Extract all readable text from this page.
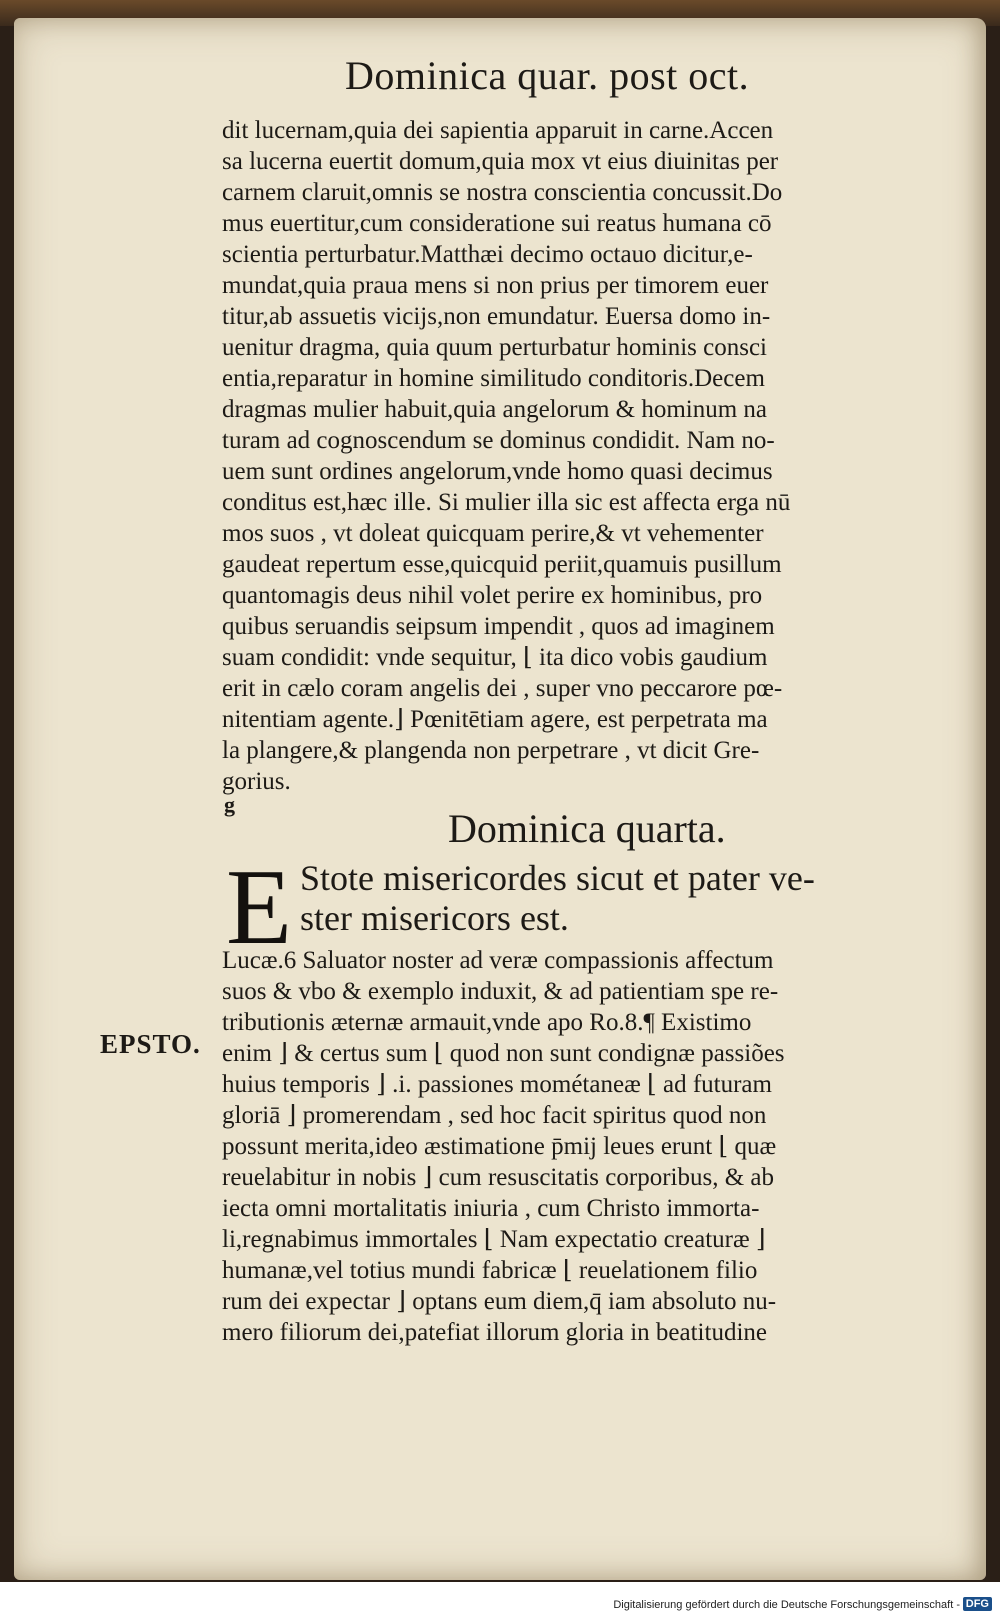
Dominica quar. post oct.
dit lucernam,quia dei sapientia apparuit in carne.Accen
sa lucerna euertit domum,quia mox vt eius diuinitas per
carnem claruit,omnis se nostra conscientia concussit.Do
mus euertitur,cum consideratione sui reatus humana cō
scientia perturbatur.Matthæi decimo octauo dicitur,e-
mundat,quia praua mens si non prius per timorem euer
titur,ab assuetis vicijs,non emundatur. Euersa domo in-
uenitur dragma, quia quum perturbatur hominis consci
entia,reparatur in homine similitudo conditoris.Decem
dragmas mulier habuit,quia angelorum & hominum na
turam ad cognoscendum se dominus condidit. Nam no-
uem sunt ordines angelorum,vnde homo quasi decimus
conditus est,hæc ille. Si mulier illa sic est affecta erga nū
mos suos , vt doleat quicquam perire,& vt vehementer
gaudeat repertum esse,quicquid periit,quamuis pusillum
quantomagis deus nihil volet perire ex hominibus, pro
quibus seruandis seipsum impendit , quos ad imaginem
suam condidit: vnde sequitur, ⌊ ita dico vobis gaudium
erit in cælo coram angelis dei , super vno peccarore pœ-
nitentiam agente.⌋ Pœnitētiam agere, est perpetrata ma
la plangere,& plangenda non perpetrare , vt dicit Gre-
gorius.
g
Dominica quarta.
E Stote misericordes sicut et pater ve-
ster misericors est.
EPSTO.
Lucæ.6 Saluator noster ad veræ compassionis affectum
suos & vbo & exemplo induxit, & ad patientiam spe re-
tributionis æternæ armauit,vnde apo Ro.8.¶ Existimo
enim ⌋ & certus sum ⌊ quod non sunt condignæ passiões
huius temporis ⌋ .i. passiones mométaneæ ⌊ ad futuram
gloriā ⌋ promerendam , sed hoc facit spiritus quod non
possunt merita,ideo æstimatione p̄mij leues erunt ⌊ quæ
reuelabitur in nobis ⌋ cum resuscitatis corporibus, & ab
iecta omni mortalitatis iniuria , cum Christo immorta-
li,regnabimus immortales ⌊ Nam expectatio creaturæ ⌋
humanæ,vel totius mundi fabricæ ⌊ reuelationem filio
rum dei expectar ⌋ optans eum diem,q̄ iam absoluto nu-
mero filiorum dei,patefiat illorum gloria in beatitudine
Digitalisierung gefördert durch die Deutsche Forschungsgemeinschaft - DFG
